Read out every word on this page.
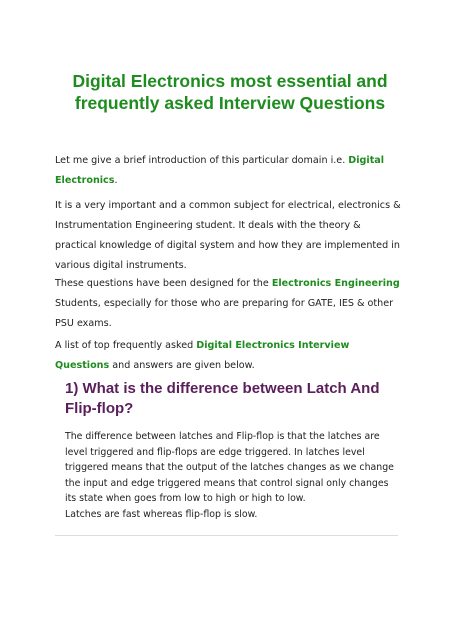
Digital Electronics most essential and frequently asked Interview Questions

Let me give a brief introduction of this particular domain i.e. Digital Electronics.

It is a very important and a common subject for electrical, electronics & Instrumentation Engineering student. It deals with the theory & practical knowledge of digital system and how they are implemented in various digital instruments.

These questions have been designed for the Electronics Engineering Students, especially for those who are preparing for GATE, IES & other PSU exams.

A list of top frequently asked Digital Electronics Interview Questions and answers are given below.

1) What is the difference between Latch And Flip-flop?
The difference between latches and Flip-flop is that the latches are level triggered and flip-flops are edge triggered. In latches level triggered means that the output of the latches changes as we change the input and edge triggered means that control signal only changes its state when goes from low to high or high to low.
Latches are fast whereas flip-flop is slow.
